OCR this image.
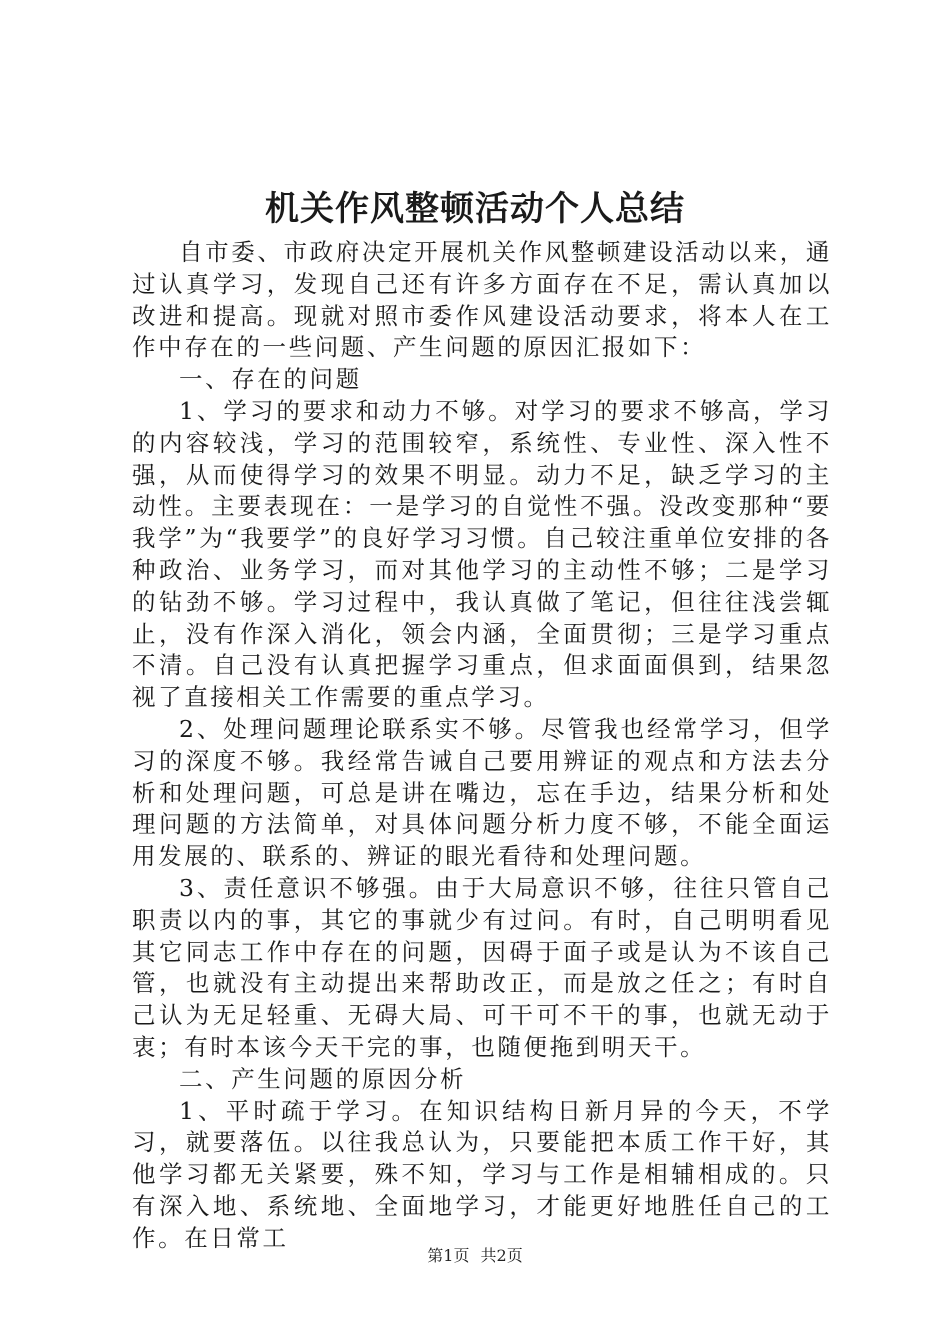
机关作风整顿活动个人总结

自市委、市政府决定开展机关作风整顿建设活动以来，通过认真学习，发现自己还有许多方面存在不足，需认真加以改进和提高。现就对照市委作风建设活动要求，将本人在工作中存在的一些问题、产生问题的原因汇报如下：

一、存在的问题

1、学习的要求和动力不够。对学习的要求不够高，学习的内容较浅，学习的范围较窄，系统性、专业性、深入性不强，从而使得学习的效果不明显。动力不足，缺乏学习的主动性。主要表现在：一是学习的自觉性不强。没改变那种“要我学”为“我要学”的良好学习习惯。自己较注重单位安排的各种政治、业务学习，而对其他学习的主动性不够；二是学习的钻劲不够。学习过程中，我认真做了笔记，但往往浅尝辄止，没有作深入消化，领会内涵，全面贯彻；三是学习重点不清。自己没有认真把握学习重点，但求面面俱到，结果忽视了直接相关工作需要的重点学习。

2、处理问题理论联系实不够。尽管我也经常学习，但学习的深度不够。我经常告诫自己要用辨证的观点和方法去分析和处理问题，可总是讲在嘴边，忘在手边，结果分析和处理问题的方法简单，对具体问题分析力度不够，不能全面运用发展的、联系的、辨证的眼光看待和处理问题。

3、责任意识不够强。由于大局意识不够，往往只管自己职责以内的事，其它的事就少有过问。有时，自己明明看见其它同志工作中存在的问题，因碍于面子或是认为不该自己管，也就没有主动提出来帮助改正，而是放之任之；有时自己认为无足轻重、无碍大局、可干可不干的事，也就无动于衷；有时本该今天干完的事，也随便拖到明天干。

二、产生问题的原因分析

1、平时疏于学习。在知识结构日新月异的今天，不学习，就要落伍。以往我总认为，只要能把本质工作干好，其他学习都无关紧要，殊不知，学习与工作是相辅相成的。只有深入地、系统地、全面地学习，才能更好地胜任自己的工作。在日常工

第1页 共2页
